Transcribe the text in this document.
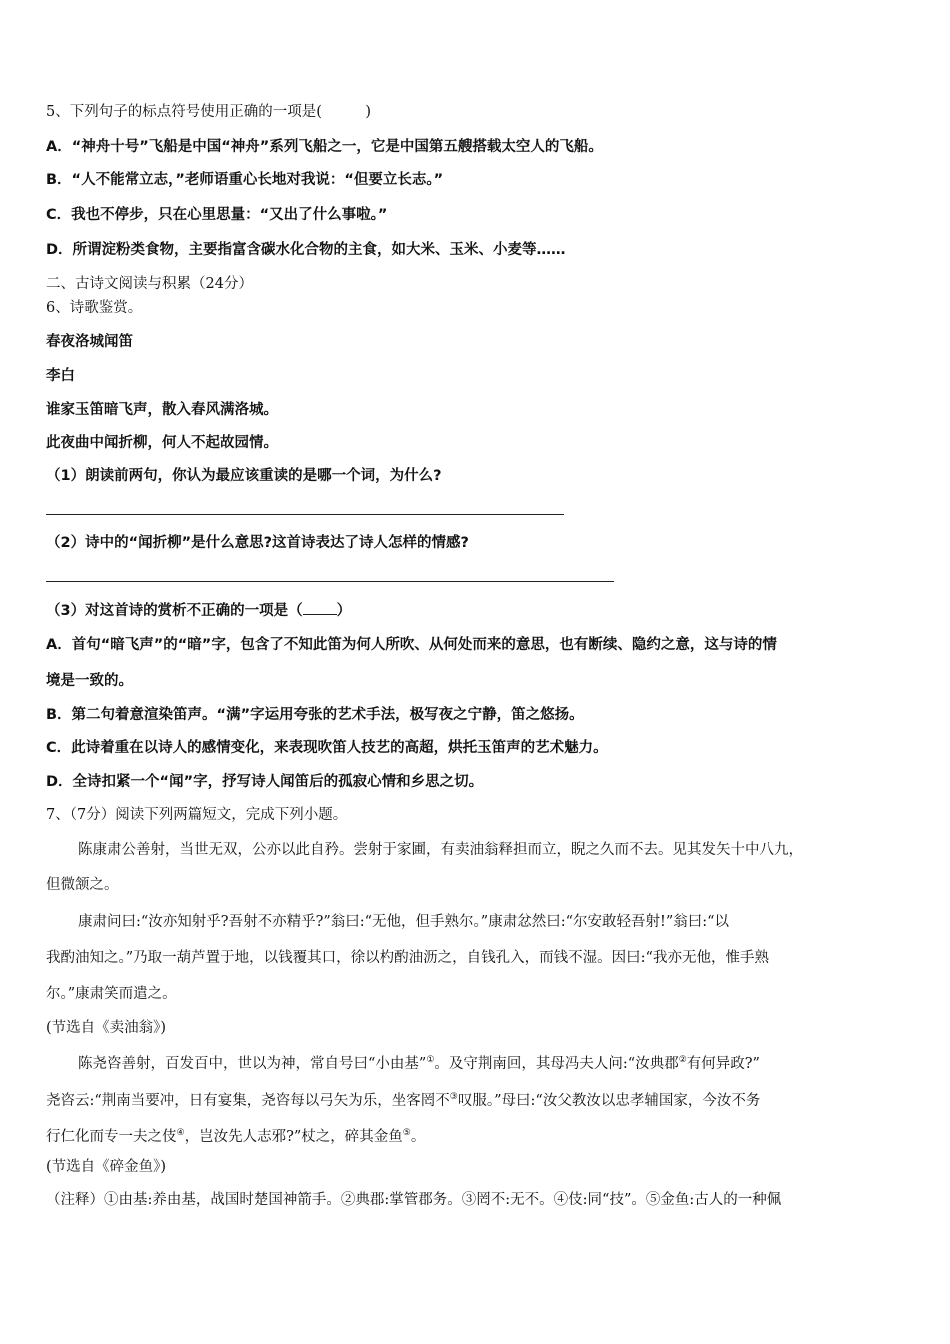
5、下列句子的标点符号使用正确的一项是(　　　)
A．“神舟十号”飞船是中国“神舟”系列飞船之一，它是中国第五艘搭载太空人的飞船。
B．“人不能常立志，”老师语重心长地对我说：“但要立长志。”
C．我也不停步，只在心里思量：“又出了什么事啦。”
D．所谓淀粉类食物，主要指富含碳水化合物的主食，如大米、玉米、小麦等……
二、古诗文阅读与积累（24分）
6、诗歌鉴赏。
春夜洛城闻笛
李白
谁家玉笛暗飞声，散入春风满洛城。
此夜曲中闻折柳，何人不起故园情。
（1）朗读前两句，你认为最应该重读的是哪一个词，为什么?
（2）诗中的“闻折柳”是什么意思?这首诗表达了诗人怎样的情感?
（3）对这首诗的赏析不正确的一项是（ ）
A．首句“暗飞声”的“暗”字，包含了不知此笛为何人所吹、从何处而来的意思，也有断续、隐约之意，这与诗的情
境是一致的。
B．第二句着意渲染笛声。“满”字运用夸张的艺术手法，极写夜之宁静，笛之悠扬。
C．此诗着重在以诗人的感情变化，来表现吹笛人技艺的高超，烘托玉笛声的艺术魅力。
D．全诗扣紧一个“闻”字，抒写诗人闻笛后的孤寂心情和乡思之切。
7、（7分）阅读下列两篇短文，完成下列小题。
陈康肃公善射，当世无双，公亦以此自矜。尝射于家圃，有卖油翁释担而立，睨之久而不去。见其发矢十中八九，
但微颔之。
康肃问曰:“汝亦知射乎?吾射不亦精乎?”翁曰:“无他，但手熟尔。”康肃忿然曰:“尔安敢轻吾射!”翁曰:“以
我酌油知之。”乃取一葫芦置于地，以钱覆其口，徐以杓酌油沥之，自钱孔入，而钱不湿。因曰:“我亦无他，惟手熟
尔。”康肃笑而遣之。
(节选自《卖油翁》)
陈尧咨善射，百发百中，世以为神，常自号曰“小由基”①。及守荆南回，其母冯夫人问:“汝典郡②有何异政?”
尧咨云:“荆南当要冲，日有宴集，尧咨每以弓矢为乐，坐客罔不③叹服。”母曰:“汝父教汝以忠孝辅国家，今汝不务
行仁化而专一夫之伎④，岂汝先人志邪?”杖之，碎其金鱼⑤。
(节选自《碎金鱼》)
（注释）①由基:养由基，战国时楚国神箭手。②典郡:掌管郡务。③罔不:无不。④伎:同“技”。⑤金鱼:古人的一种佩
